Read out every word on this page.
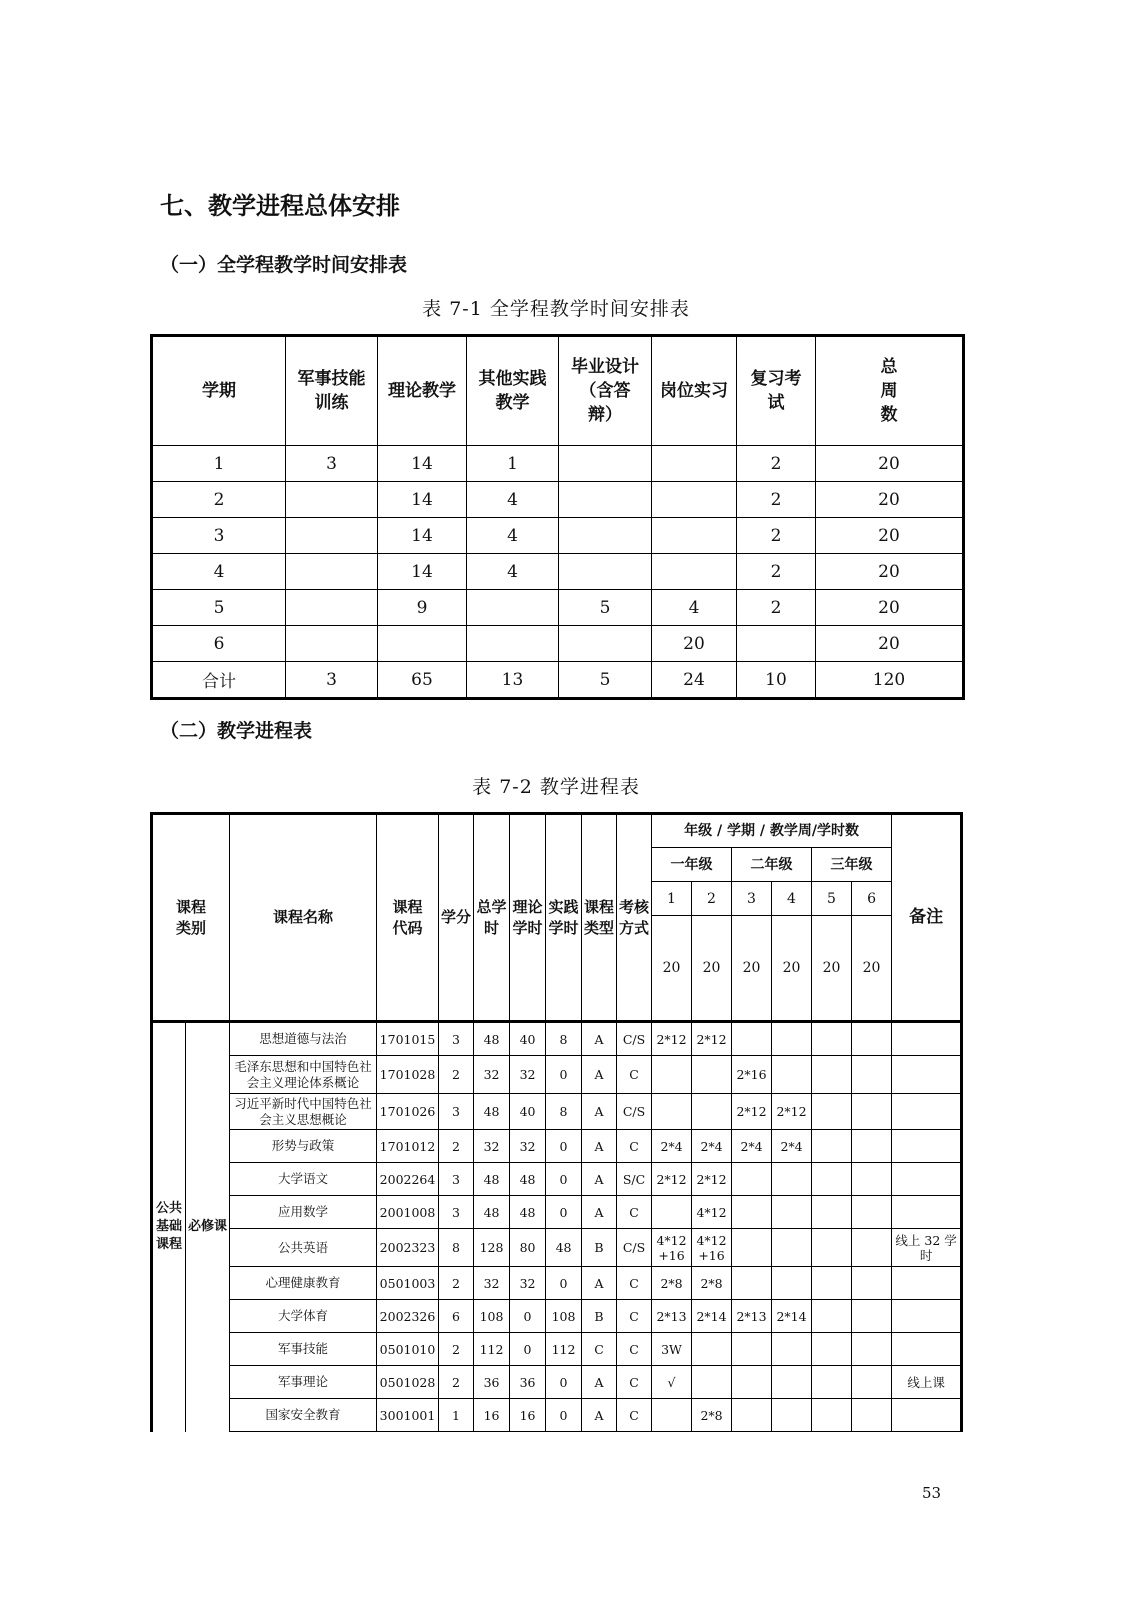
七、教学进程总体安排
（一）全学程教学时间安排表
表 7-1 全学程教学时间安排表
学期	军事技能训练	理论教学	其他实践教学	毕业设计（含答辩）	岗位实习	复习考试	总周数
1	3	14	1			2	20
2		14	4			2	20
3		14	4			2	20
4		14	4			2	20
5		9		5	4	2	20
6					20		20
合计	3	65	13	5	24	10	120
（二）教学进程表
表 7-2 教学进程表
课程类别		课程名称	课程代码	学分	总学时	理论学时	实践学时	课程类型	考核方式	年级 / 学期 / 教学周/学时数						备注
										一年级		二年级		三年级		
										1	2	3	4	5	6	
										20	20	20	20	20	20	
公共基础课程	必修课	思想道德与法治	1701015	3	48	40	8	A	C/S	2*12	2*12					
		毛泽东思想和中国特色社会主义理论体系概论	1701028	2	32	32	0	A	C			2*16				
		习近平新时代中国特色社会主义思想概论	1701026	3	48	40	8	A	C/S			2*12	2*12			
		形势与政策	1701012	2	32	32	0	A	C	2*4	2*4	2*4	2*4			
		大学语文	2002264	3	48	48	0	A	S/C	2*12	2*12					
		应用数学	2001008	3	48	48	0	A	C		4*12					
		公共英语	2002323	8	128	80	48	B	C/S	4*12 +16	4*12 +16					线上 32 学时
		心理健康教育	0501003	2	32	32	0	A	C	2*8	2*8					
		大学体育	2002326	6	108	0	108	B	C	2*13	2*14	2*13	2*14			
		军事技能	0501010	2	112	0	112	C	C	3W						
		军事理论	0501028	2	36	36	0	A	C	√						线上课
		国家安全教育	3001001	1	16	16	0	A	C		2*8					
53
